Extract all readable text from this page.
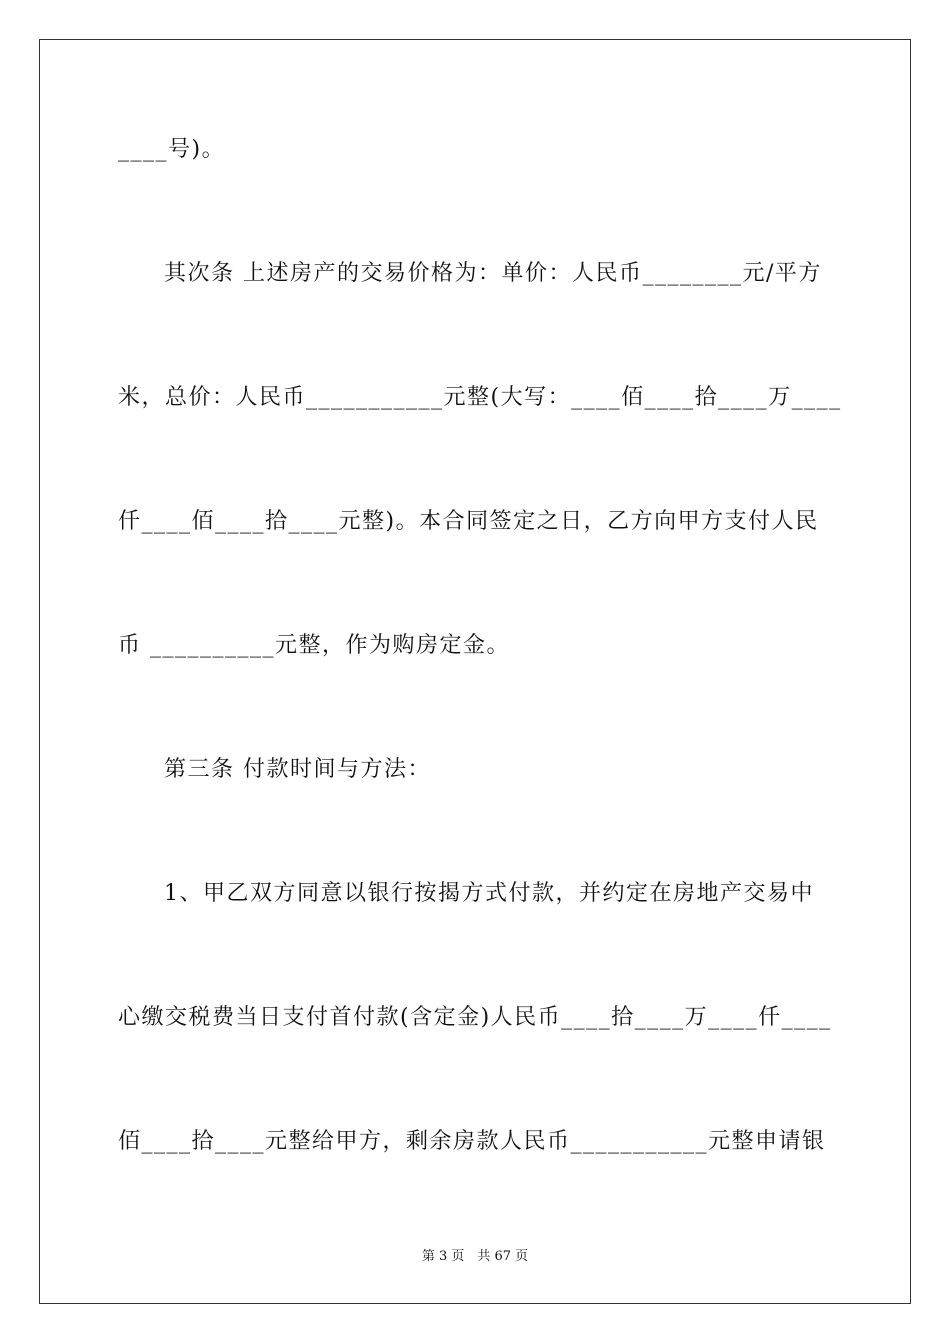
____号)。
其次条 上述房产的交易价格为：单价：人民币________元/平方
米，总价：人民币___________元整(大写：____佰____拾____万____
仟____佰____拾____元整)。本合同签定之日，乙方向甲方支付人民
币 __________元整，作为购房定金。
第三条 付款时间与方法：
1、甲乙双方同意以银行按揭方式付款，并约定在房地产交易中
心缴交税费当日支付首付款(含定金)人民币____拾____万____仟____
佰____拾____元整给甲方，剩余房款人民币___________元整申请银
第 3 页　共 67 页
